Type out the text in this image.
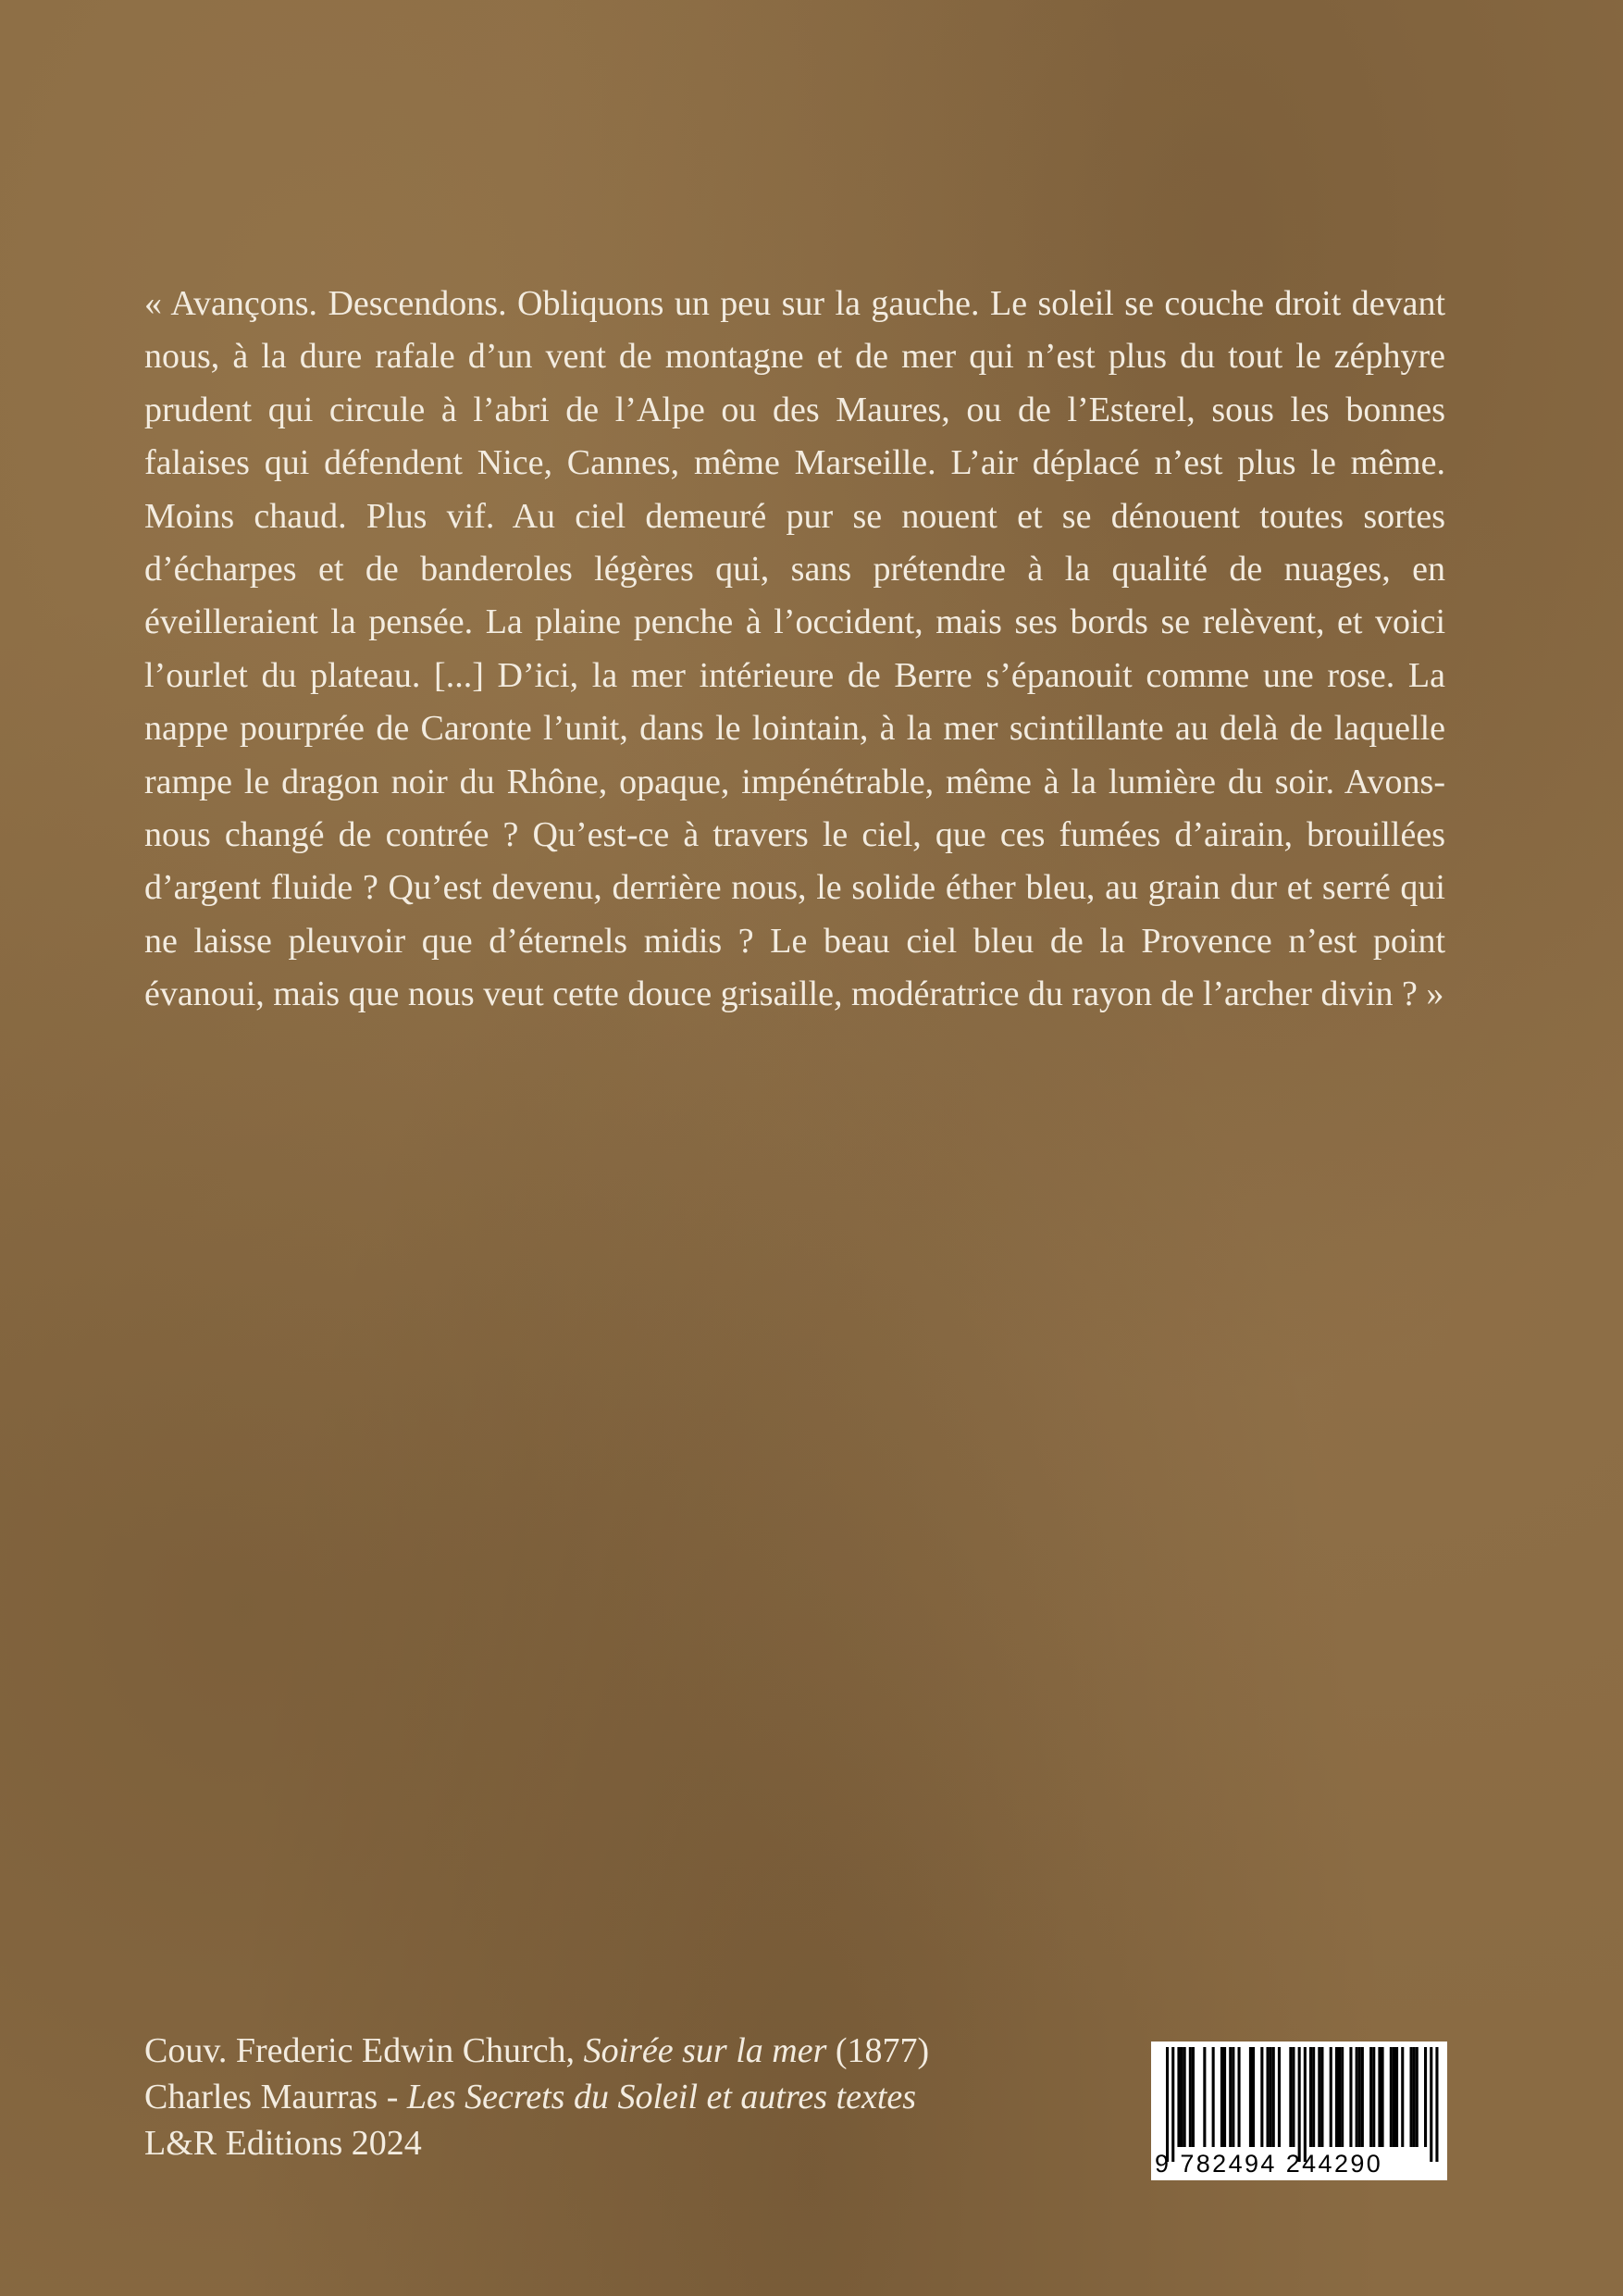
« Avançons. Descendons. Obliquons un peu sur la gauche. Le soleil se couche droit devant nous, à la dure rafale d’un vent de montagne et de mer qui n’est plus du tout le zéphyre prudent qui circule à l’abri de l’Alpe ou des Maures, ou de l’Esterel, sous les bonnes falaises qui défendent Nice, Cannes, même Marseille. L’air déplacé n’est plus le même. Moins chaud. Plus vif. Au ciel demeuré pur se nouent et se dénouent toutes sortes d’écharpes et de banderoles légères qui, sans prétendre à la qualité de nuages, en éveilleraient la pensée. La plaine penche à l’occident, mais ses bords se relèvent, et voici l’ourlet du plateau. [...] D’ici, la mer intérieure de Berre s’épanouit comme une rose. La nappe pourprée de Caronte l’unit, dans le lointain, à la mer scintillante au delà de laquelle rampe le dragon noir du Rhône, opaque, impénétrable, même à la lumière du soir. Avons-nous changé de contrée ? Qu’est-ce à travers le ciel, que ces fumées d’airain, brouillées d’argent fluide ? Qu’est devenu, derrière nous, le solide éther bleu, au grain dur et serré qui ne laisse pleuvoir que d’éternels midis ? Le beau ciel bleu de la Provence n’est point évanoui, mais que nous veut cette douce grisaille, modératrice du rayon de l’archer divin ? »

Couv. Frederic Edwin Church, Soirée sur la mer (1877)
Charles Maurras - Les Secrets du Soleil et autres textes
L&R Editions 2024
9 782494 244290
